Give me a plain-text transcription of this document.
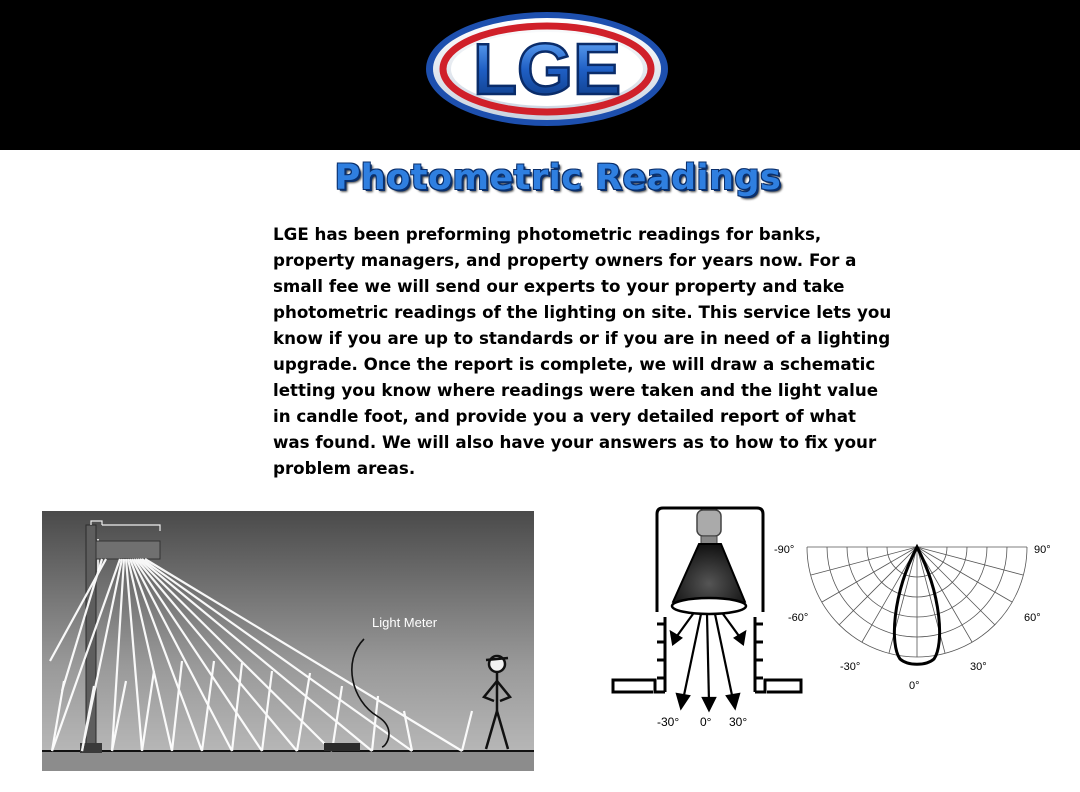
LGE
Photometric Readings
LGE has been preforming photometric readings for banks, property managers, and property owners for years now. For a small fee we will send our experts to your property and take photometric readings of the lighting on site. This service lets you know if you are up to standards or if you are in need of a lighting upgrade. Once the report is complete, we will draw a schematic letting you know where readings were taken and the light value in candle foot, and provide you a very detailed report of what was found. We will also have your answers as to how to fix your problem areas.
Light Meter
-30° 0° 30°
-90°	90°
-60°	60°
-30°	30°
0°
